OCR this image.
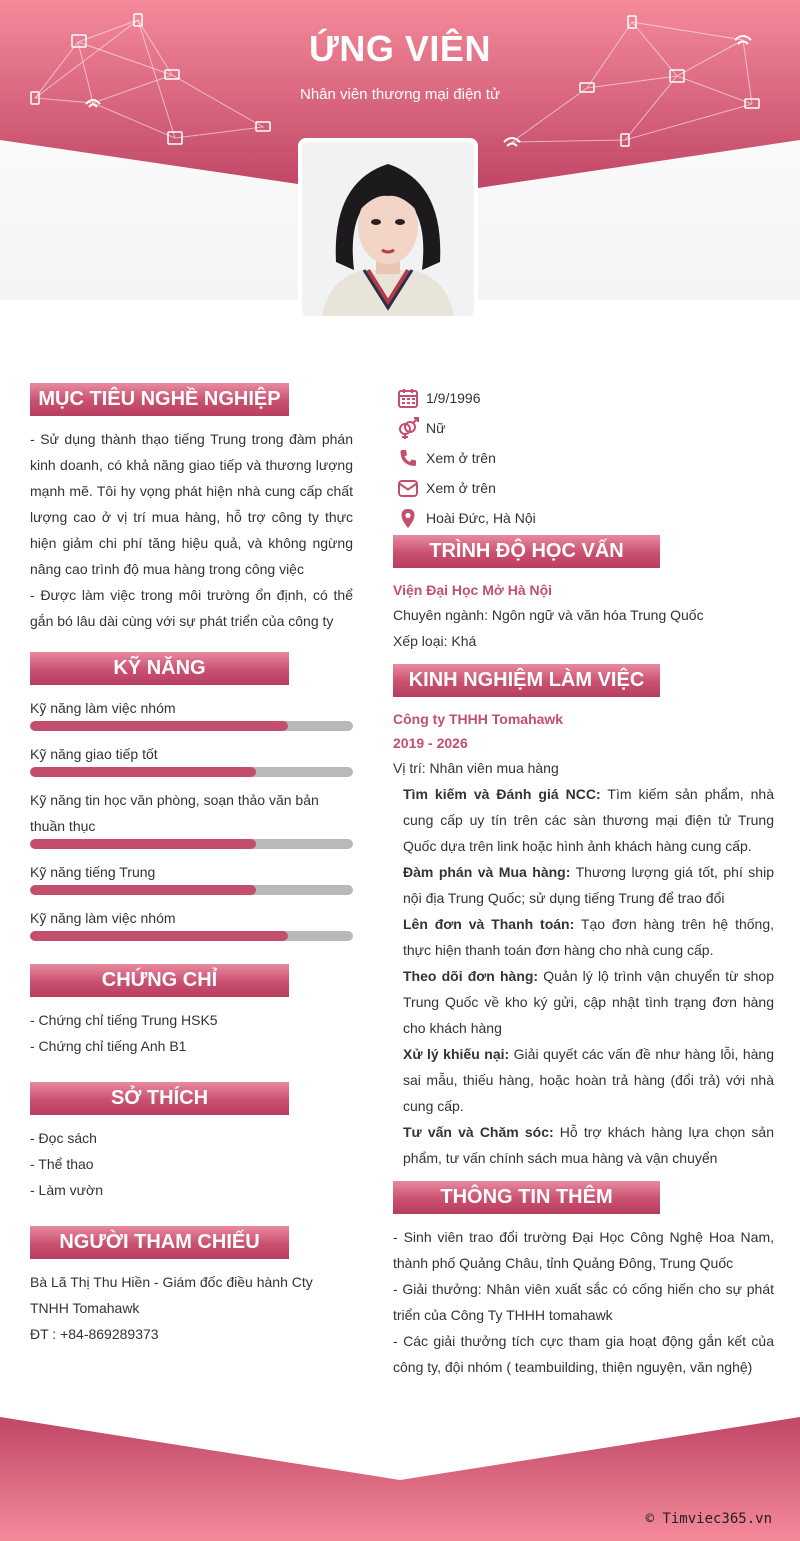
ỨNG VIÊN
Nhân viên thương mại điện tử
MỤC TIÊU NGHỀ NGHIỆP
- Sử dụng thành thạo tiếng Trung trong đàm phán kinh doanh, có khả năng giao tiếp và thương lượng mạnh mẽ. Tôi hy vọng phát hiện nhà cung cấp chất lượng cao ở vị trí mua hàng, hỗ trợ công ty thực hiện giảm chi phí tăng hiệu quả, và không ngừng nâng cao trình độ mua hàng trong công việc
- Được làm việc trong môi trường ổn định, có thể gắn bó lâu dài cùng với sự phát triển của công ty
KỸ NĂNG
Kỹ năng làm việc nhóm
Kỹ năng giao tiếp tốt
Kỹ năng tin học văn phòng, soạn thảo văn bản thuần thục
Kỹ năng tiếng Trung
Kỹ năng làm việc nhóm
CHỨNG CHỈ
- Chứng chỉ tiếng Trung HSK5
- Chứng chỉ tiếng Anh B1
SỞ THÍCH
- Đọc sách
- Thể thao
- Làm vườn
NGƯỜI THAM CHIẾU
Bà Lã Thị Thu Hiền - Giám đốc điều hành Cty TNHH Tomahawk
ĐT : +84-869289373
1/9/1996
Nữ
Xem ở trên
Xem ở trên
Hoài Đức, Hà Nội
TRÌNH ĐỘ HỌC VẤN
Viện Đại Học Mở Hà Nội
Chuyên ngành: Ngôn ngữ và văn hóa Trung Quốc
Xếp loại: Khá
KINH NGHIỆM LÀM VIỆC
Công ty THHH Tomahawk
2019 - 2026
Vị trí: Nhân viên mua hàng
Tìm kiếm và Đánh giá NCC: Tìm kiếm sản phẩm, nhà cung cấp uy tín trên các sàn thương mại điện tử Trung Quốc dựa trên link hoặc hình ảnh khách hàng cung cấp.
Đàm phán và Mua hàng: Thương lượng giá tốt, phí ship nội địa Trung Quốc; sử dụng tiếng Trung để trao đổi
Lên đơn và Thanh toán: Tạo đơn hàng trên hệ thống, thực hiện thanh toán đơn hàng cho nhà cung cấp.
Theo dõi đơn hàng: Quản lý lộ trình vận chuyển từ shop Trung Quốc về kho ký gửi, cập nhật tình trạng đơn hàng cho khách hàng
Xử lý khiếu nại: Giải quyết các vấn đề như hàng lỗi, hàng sai mẫu, thiếu hàng, hoặc hoàn trả hàng (đổi trả) với nhà cung cấp.
Tư vấn và Chăm sóc: Hỗ trợ khách hàng lựa chọn sản phẩm, tư vấn chính sách mua hàng và vận chuyển
THÔNG TIN THÊM
- Sinh viên trao đổi trường Đại Học Công Nghệ Hoa Nam, thành phố Quảng Châu, tỉnh Quảng Đông, Trung Quốc
- Giải thưởng: Nhân viên xuất sắc có cống hiến cho sự phát triển của Công Ty THHH tomahawk
- Các giải thưởng tích cực tham gia hoạt động gắn kết của công ty, đội nhóm ( teambuilding, thiện nguyện, văn nghệ)
© Timviec365.vn
